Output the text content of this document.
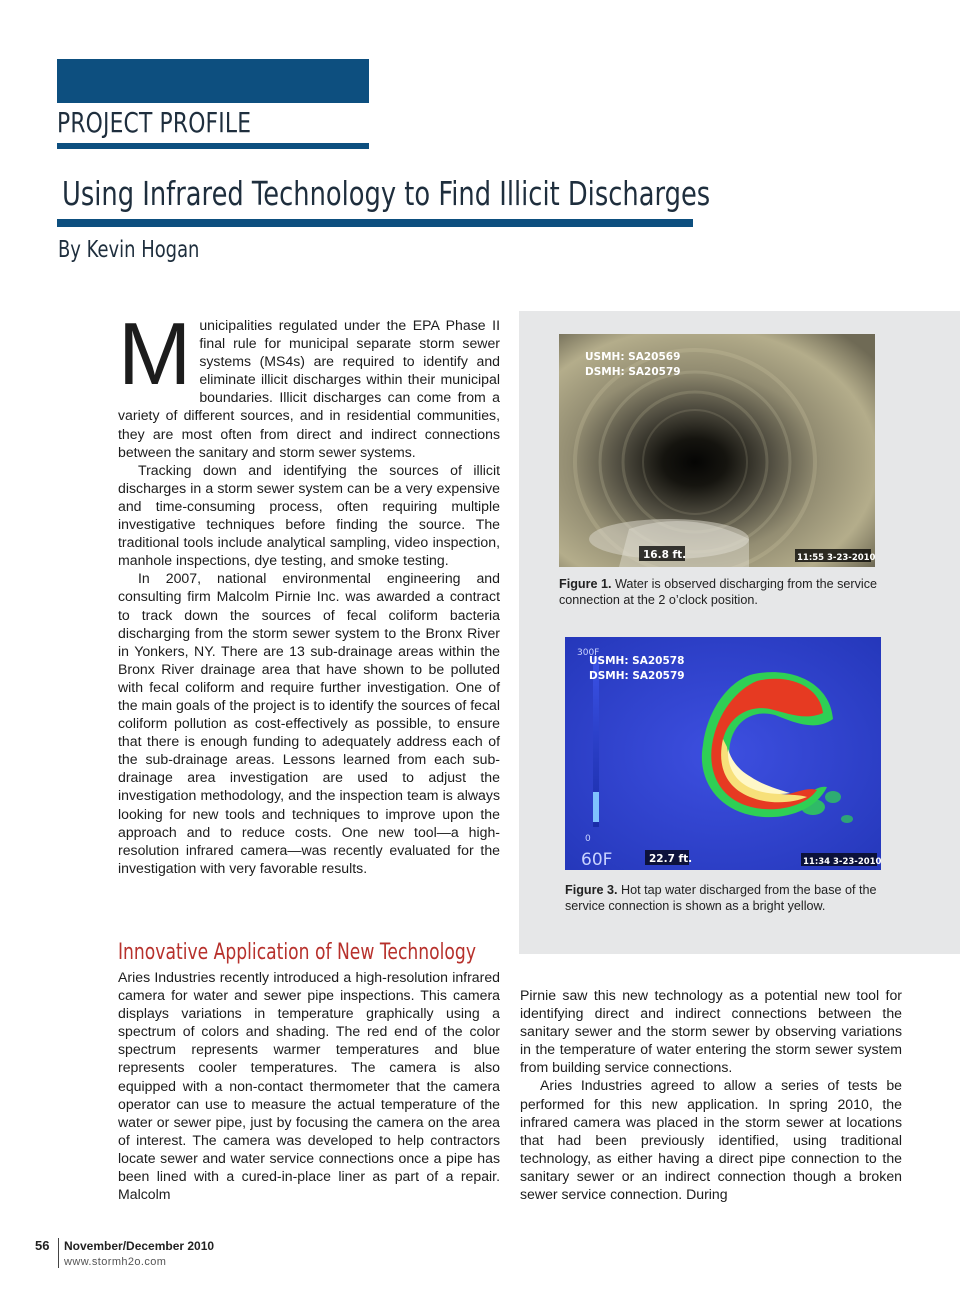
PROJECT PROFILE
Using Infrared Technology to Find Illicit Discharges
By Kevin Hogan

Municipalities regulated under the EPA Phase II final rule for municipal separate storm sewer systems (MS4s) are required to identify and eliminate illicit discharges within their municipal boundaries. Illicit discharges can come from a variety of different sources, and in residential communities, they are most often from direct and indirect connections between the sanitary and storm sewer systems.

Tracking down and identifying the sources of illicit discharges in a storm sewer system can be a very expensive and time-consuming process, often requiring multiple investigative techniques before finding the source. The traditional tools include analytical sampling, video inspection, manhole inspections, dye testing, and smoke testing.

In 2007, national environmental engineering and consulting firm Malcolm Pirnie Inc. was awarded a contract to track down the sources of fecal coliform bacteria discharging from the storm sewer system to the Bronx River in Yonkers, NY. There are 13 sub-drainage areas within the Bronx River drainage area that have shown to be polluted with fecal coliform and require further investigation. One of the main goals of the project is to identify the sources of fecal coliform pollution as cost-effectively as possible, to ensure that there is enough funding to adequately address each of the sub-drainage areas. Lessons learned from each sub-drainage area investigation are used to adjust the investigation methodology, and the inspection team is always looking for new tools and techniques to improve upon the approach and to reduce costs. One new tool—a high-resolution infrared camera—was recently evaluated for the investigation with very favorable results.

Innovative Application of New Technology

Aries Industries recently introduced a high-resolution infrared camera for water and sewer pipe inspections. This camera displays variations in temperature graphically using a spectrum of colors and shading. The red end of the color spectrum represents warmer temperatures and blue represents cooler temperatures. The camera is also equipped with a non-contact thermometer that the camera operator can use to measure the actual temperature of the water or sewer pipe, just by focusing the camera on the area of interest. The camera was developed to help contractors locate sewer and water service connections once a pipe has been lined with a cured-in-place liner as part of a repair. Malcolm

Pirnie saw this new technology as a potential new tool for identifying direct and indirect connections between the sanitary sewer and the storm sewer by observing variations in the temperature of water entering the storm sewer system from building service connections.

Aries Industries agreed to allow a series of tests be performed for this new application. In spring 2010, the infrared camera was placed in the storm sewer at locations that had been previously identified, using traditional technology, as either having a direct pipe connection to the sanitary sewer or an indirect connection though a broken sewer service connection. During

USMH: SA20569
DSMH: SA20579
16.8 ft.	11:55 3-23-2010
Figure 1. Water is observed discharging from the service connection at the 2 o’clock position.
300F
USMH: SA20578
DSMH: SA20579
0
60F	22.7 ft.	11:34 3-23-2010
Figure 3. Hot tap water discharged from the base of the service connection is shown as a bright yellow.
56 November/December 2010
www.stormh2o.com
